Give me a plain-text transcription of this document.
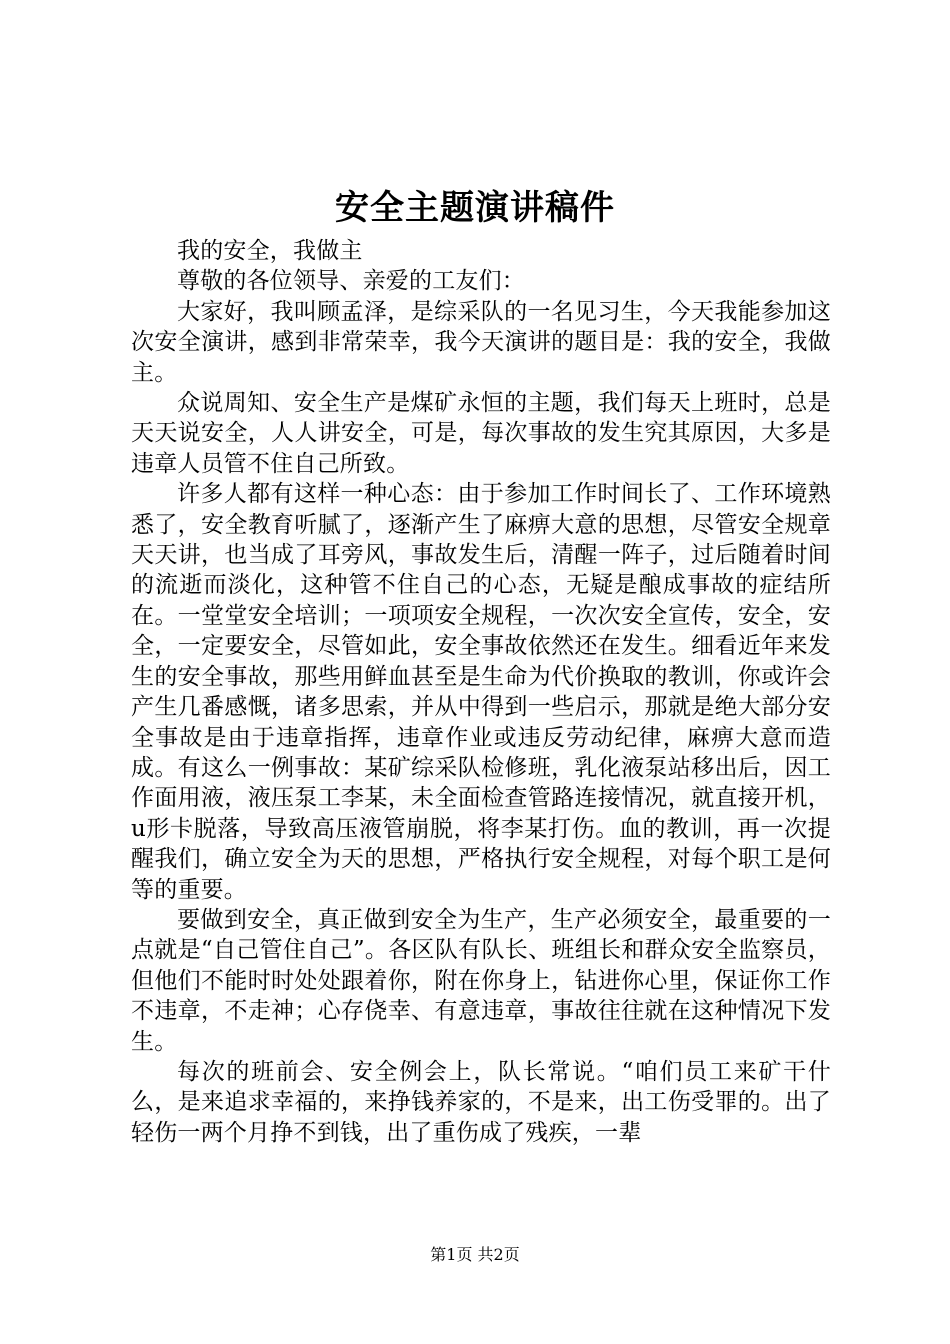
安全主题演讲稿件

我的安全，我做主

尊敬的各位领导、亲爱的工友们：

大家好，我叫顾孟泽，是综采队的一名见习生，今天我能参加这次安全演讲，感到非常荣幸，我今天演讲的题目是：我的安全，我做主。

众说周知、安全生产是煤矿永恒的主题，我们每天上班时，总是天天说安全，人人讲安全，可是，每次事故的发生究其原因，大多是违章人员管不住自己所致。

许多人都有这样一种心态：由于参加工作时间长了、工作环境熟悉了，安全教育听腻了，逐渐产生了麻痹大意的思想，尽管安全规章天天讲，也当成了耳旁风，事故发生后，清醒一阵子，过后随着时间的流逝而淡化，这种管不住自己的心态，无疑是酿成事故的症结所在。一堂堂安全培训；一项项安全规程，一次次安全宣传，安全，安全，一定要安全，尽管如此，安全事故依然还在发生。细看近年来发生的安全事故，那些用鲜血甚至是生命为代价换取的教训，你或许会产生几番感慨，诸多思索，并从中得到一些启示，那就是绝大部分安全事故是由于违章指挥，违章作业或违反劳动纪律，麻痹大意而造成。有这么一例事故：某矿综采队检修班，乳化液泵站移出后，因工作面用液，液压泵工李某，未全面检查管路连接情况，就直接开机，u形卡脱落，导致高压液管崩脱，将李某打伤。血的教训，再一次提醒我们，确立安全为天的思想，严格执行安全规程，对每个职工是何等的重要。

要做到安全，真正做到安全为生产，生产必须安全，最重要的一点就是“自己管住自己”。各区队有队长、班组长和群众安全监察员，但他们不能时时处处跟着你，附在你身上，钻进你心里，保证你工作不违章，不走神；心存侥幸、有意违章，事故往往就在这种情况下发生。

每次的班前会、安全例会上，队长常说。“咱们员工来矿干什么，是来追求幸福的，来挣钱养家的，不是来，出工伤受罪的。出了轻伤一两个月挣不到钱，出了重伤成了残疾，一辈

第1页 共2页
